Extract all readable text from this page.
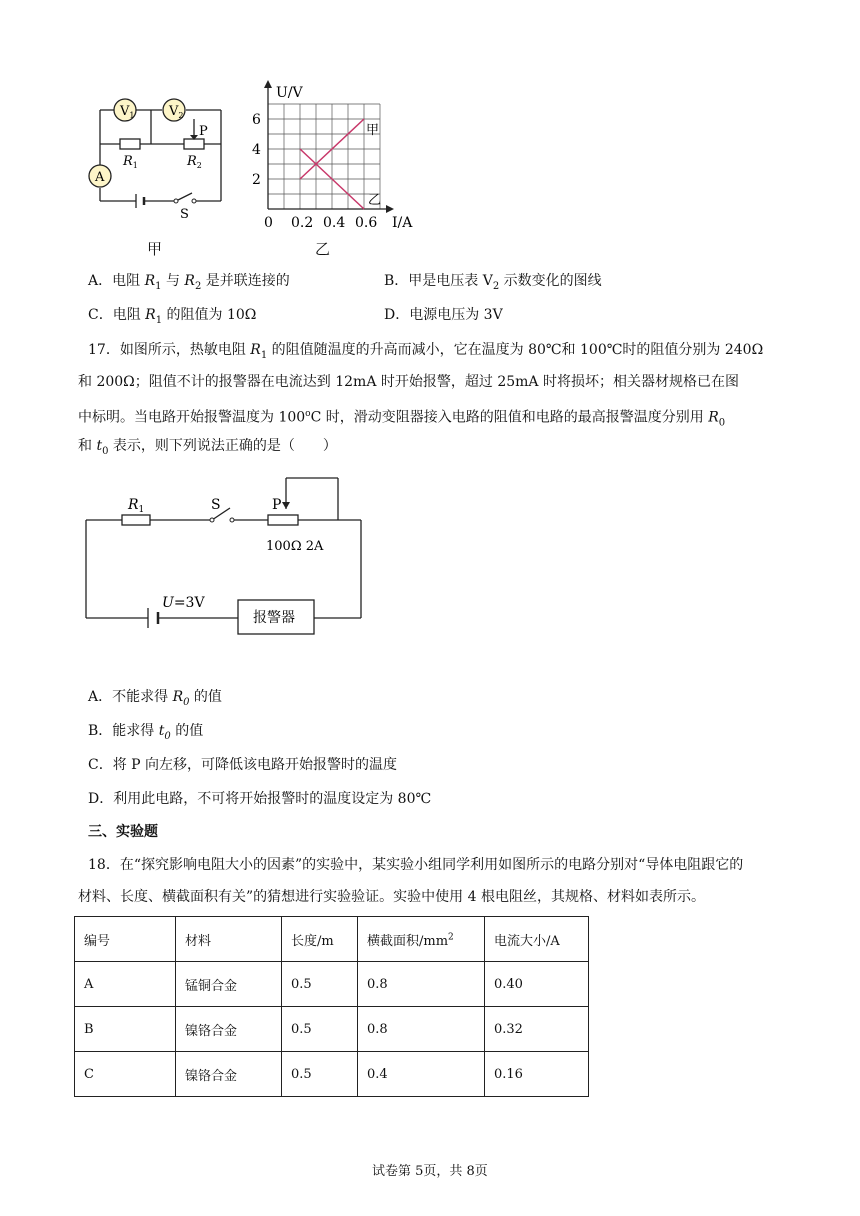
$V_1$	$V_2$
A
P
$R_1$	$R_2$
S
甲
0 0.2 0.4 0.6
2
4
6
U/V
I/A
甲
乙
乙
A．电阻 $R_1$ 与 $R_2$ 是并联连接的	B．甲是电压表 $V_2$ 示数变化的图线
C．电阻 $R_1$ 的阻值为 10Ω	D．电源电压为 3V
17．如图所示，热敏电阻 $R_1$ 的阻值随温度的升高而减小，它在温度为 80℃和 100℃时的阻值分别为 240Ω
和 200Ω；阻值不计的报警器在电流达到 12mA 时开始报警，超过 25mA 时将损坏；相关器材规格已在图
中标明。当电路开始报警温度为 100$^o$C 时，滑动变阻器接入电路的阻值和电路的最高报警温度分别用 $R_0$
和 $t_0$ 表示，则下列说法正确的是（　　）
$R_1$	S	P
100Ω 2A
U=3V
报警器
A．不能求得 $R_0$ 的值
B．能求得 $t_0$ 的值
C．将 P 向左移，可降低该电路开始报警时的温度
D．利用此电路，不可将开始报警时的温度设定为 80℃
三、实验题
18．在“探究影响电阻大小的因素”的实验中，某实验小组同学利用如图所示的电路分别对“导体电阻跟它的
材料、长度、横截面积有关”的猜想进行实验验证。实验中使用 4 根电阻丝，其规格、材料如表所示。
编号	材料	长度/m	横截面积$/mm^2$	电流大小/A
A	锰铜合金	0.5	0.8	0.40
B	镍铬合金	0.5	0.8	0.32
C	镍铬合金	0.5	0.4	0.16
试卷第 5页，共 8页
